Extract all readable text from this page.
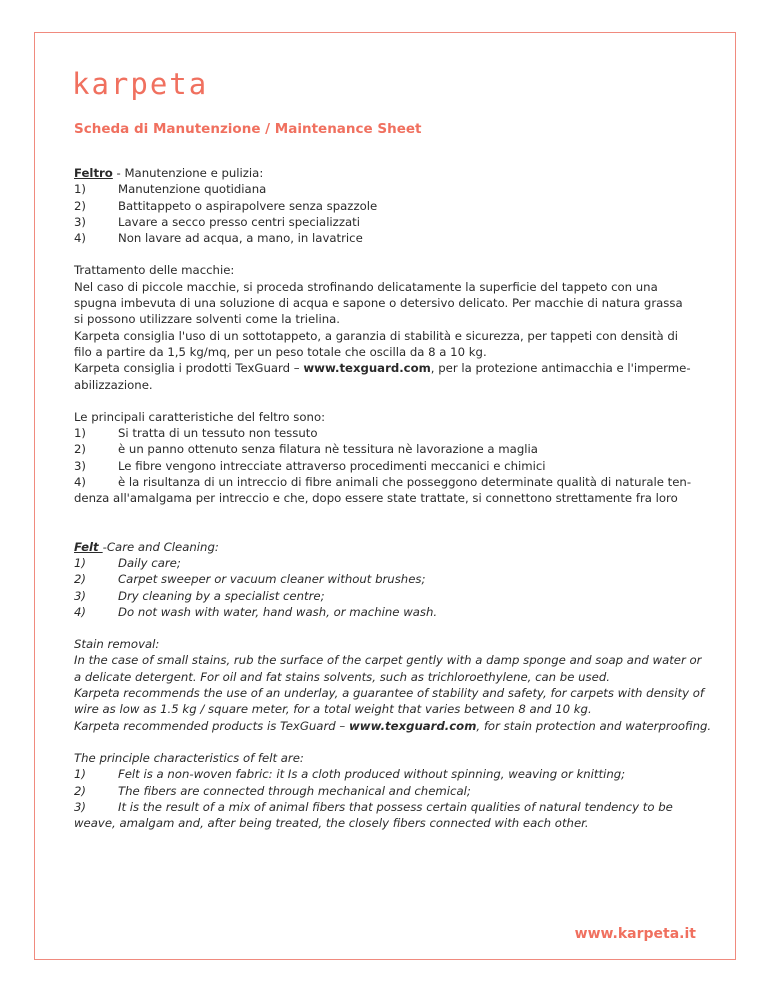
karpeta
Scheda di Manutenzione / Maintenance Sheet
Feltro - Manutenzione e pulizia:
1)	Manutenzione quotidiana
2)	Battitappeto o aspirapolvere senza spazzole
3)	Lavare a secco presso centri specializzati
4)	Non lavare ad acqua, a mano, in lavatrice
Trattamento delle macchie:
Nel caso di piccole macchie, si proceda strofinando delicatamente la superficie del tappeto con una
spugna imbevuta di una soluzione di acqua e sapone o detersivo delicato. Per macchie di natura grassa
si possono utilizzare solventi come la trielina.
Karpeta consiglia l'uso di un sottotappeto, a garanzia di stabilità e sicurezza, per tappeti con densità di
filo a partire da 1,5 kg/mq, per un peso totale che oscilla da 8 a 10 kg.
Karpeta consiglia i prodotti TexGuard – www.texguard.com, per la protezione antimacchia e l'imperme-
abilizzazione.
Le principali caratteristiche del feltro sono:
1)	Si tratta di un tessuto non tessuto
2)	è un panno ottenuto senza filatura nè tessitura nè lavorazione a maglia
3)	Le fibre vengono intrecciate attraverso procedimenti meccanici e chimici
4)	è la risultanza di un intreccio di fibre animali che posseggono determinate qualità di naturale ten-
denza all'amalgama per intreccio e che, dopo essere state trattate, si connettono strettamente fra loro
Felt -Care and Cleaning:
1)	Daily care;
2)	Carpet sweeper or vacuum cleaner without brushes;
3)	Dry cleaning by a specialist centre;
4)	Do not wash with water, hand wash, or machine wash.
Stain removal:
In the case of small stains, rub the surface of the carpet gently with a damp sponge and soap and water or
a delicate detergent. For oil and fat stains solvents, such as trichloroethylene, can be used.
Karpeta recommends the use of an underlay, a guarantee of stability and safety, for carpets with density of
wire as low as 1.5 kg / square meter, for a total weight that varies between 8 and 10 kg.
Karpeta recommended products is TexGuard – www.texguard.com, for stain protection and waterproofing.
The principle characteristics of felt are:
1)	Felt is a non-woven fabric: it Is a cloth produced without spinning, weaving or knitting;
2)	The fibers are connected through mechanical and chemical;
3)	It is the result of a mix of animal fibers that possess certain qualities of natural tendency to be
weave, amalgam and, after being treated, the closely fibers connected with each other.
www.karpeta.it
